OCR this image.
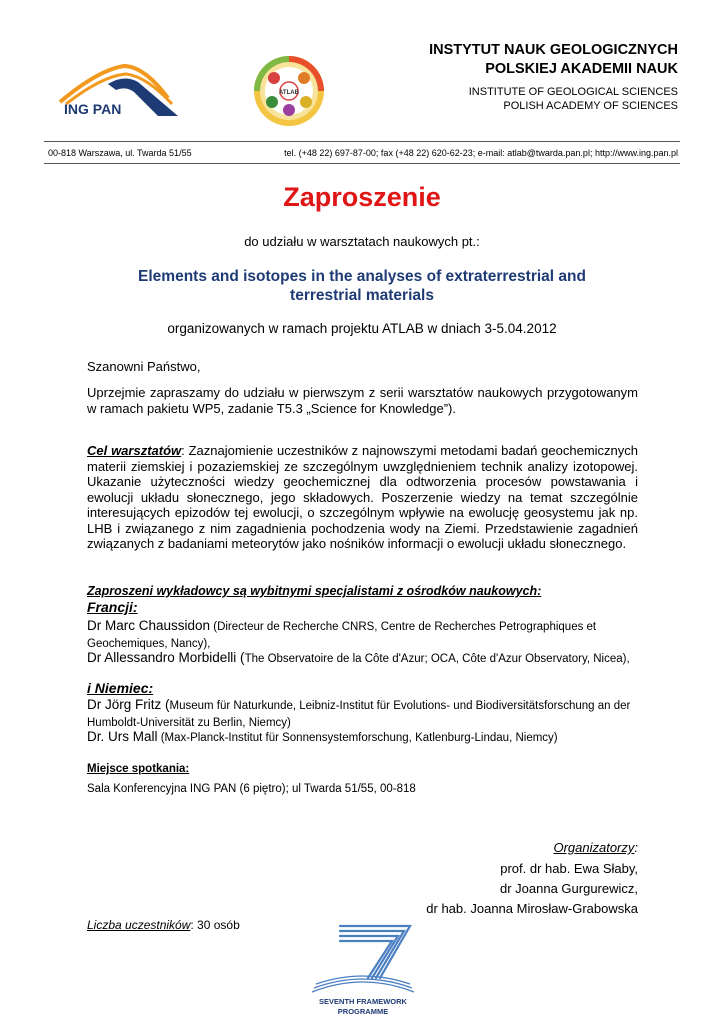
ING PAN
ATLAB
INSTYTUT NAUK GEOLOGICZNYCH
POLSKIEJ AKADEMII NAUK
INSTITUTE OF GEOLOGICAL SCIENCES
POLISH ACADEMY OF SCIENCES
00-818 Warszawa, ul. Twarda 51/55	tel. (+48 22) 697-87-00; fax (+48 22) 620-62-23; e-mail: atlab@twarda.pan.pl; http://www.ing.pan.pl
Zaproszenie
do udziału w warsztatach naukowych pt.:
Elements and isotopes in the analyses of extraterrestrial and
terrestrial materials
organizowanych w ramach projektu ATLAB w dniach 3-5.04.2012
Szanowni Państwo,
Uprzejmie zapraszamy do udziału w pierwszym z serii warsztatów naukowych przygotowanym w ramach pakietu WP5, zadanie T5.3 „Science for Knowledge”).
Cel warsztatów: Zaznajomienie uczestników z najnowszymi metodami badań geochemicznych materii ziemskiej i pozaziemskiej ze szczególnym uwzględnieniem technik analizy izotopowej. Ukazanie użyteczności wiedzy geochemicznej dla odtworzenia procesów powstawania i ewolucji układu słonecznego, jego składowych. Poszerzenie wiedzy na temat szczególnie interesujących epizodów tej ewolucji, o szczególnym wpływie na ewolucję geosystemu jak np. LHB i związanego z nim zagadnienia pochodzenia wody na Ziemi. Przedstawienie zagadnień związanych z badaniami meteorytów jako nośników informacji o ewolucji układu słonecznego.
Zaproszeni wykładowcy są wybitnymi specjalistami z ośrodków naukowych:
Francji:
Dr Marc Chaussidon (Directeur de Recherche CNRS, Centre de Recherches Petrographiques et Geochemiques, Nancy),
Dr Allessandro Morbidelli (The Observatoire de la Côte d'Azur; OCA, Côte d'Azur Observatory, Nicea),
i Niemiec:
Dr Jörg Fritz (Museum für Naturkunde, Leibniz-Institut für Evolutions- und Biodiversitätsforschung an der Humboldt-Universität zu Berlin, Niemcy)
Dr. Urs Mall (Max-Planck-Institut für Sonnensystemforschung, Katlenburg-Lindau, Niemcy)
Miejsce spotkania:
Sala Konferencyjna ING PAN (6 piętro); ul Twarda 51/55, 00-818
Organizatorzy:
prof. dr hab. Ewa Słaby,
dr Joanna Gurgurewicz,
dr hab. Joanna Mirosław-Grabowska
Liczba uczestników: 30 osób
SEVENTH FRAMEWORK
PROGRAMME
